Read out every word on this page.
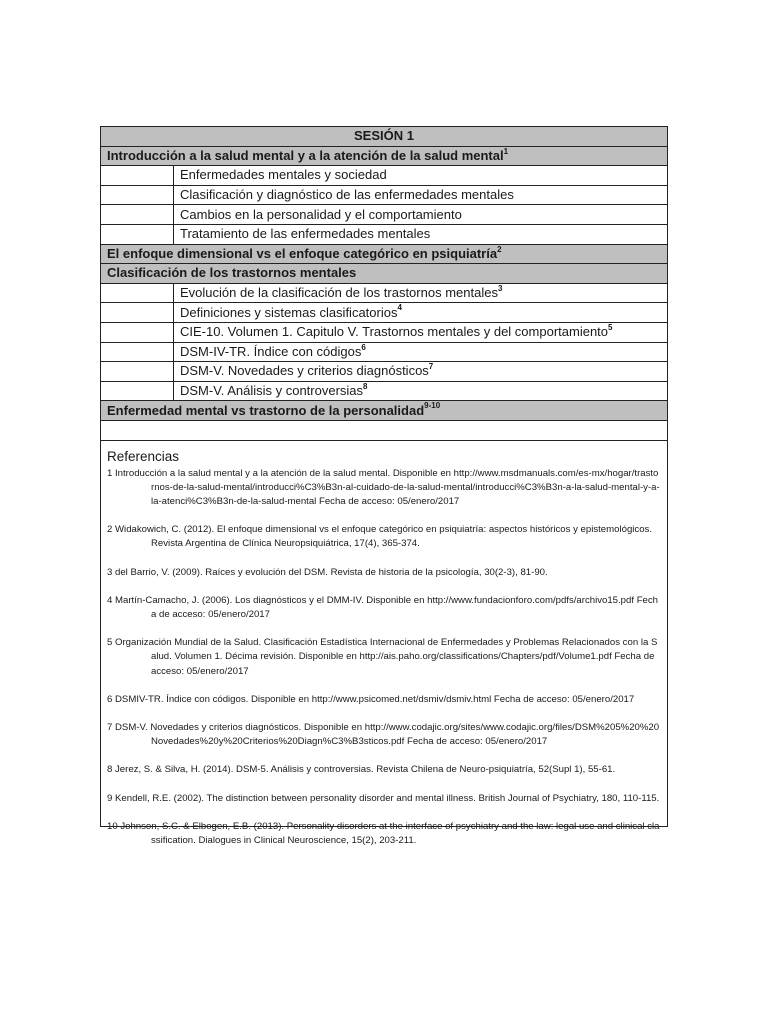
SESIÓN 1	
Introducción a la salud mental y a la atención de la salud mental$^1$
	Enfermedades mentales y sociedad
	Clasificación y diagnóstico de las enfermedades mentales
	Cambios en la personalidad y el comportamiento
	Tratamiento de las enfermedades mentales
El enfoque dimensional vs el enfoque categórico en psiquiatría$^2$
Clasificación de los trastornos mentales	
	Evolución de la clasificación de los trastornos mentales$^3$
	Definiciones y sistemas clasificatorios$^4$
	CIE-10. Volumen 1. Capitulo V. Trastornos mentales y del comportamiento$^5$
	DSM-IV-TR. Índice con códigos$^6$
	DSM-V. Novedades y criterios diagnósticos$^7$
	DSM-V. Análisis y controversias$^8$
Enfermedad mental vs trastorno de la personalidad$^{9-10}$

Referencias
1 Introducción a la salud mental y a la atención de la salud mental. Disponible en http://www.msdmanuals.com/es-mx/hogar/trastornos-de-la-salud-mental/introducci%C3%B3n-al-cuidado-de-la-salud-mental/introducci%C3%B3n-a-la-salud-mental-y-a-la-atenci%C3%B3n-de-la-salud-mental Fecha de acceso: 05/enero/2017
2 Widakowich, C. (2012). El enfoque dimensional vs el enfoque categórico en psiquiatría: aspectos históricos y epistemológicos. Revista Argentina de Clínica Neuropsiquiátrica, 17(4), 365-374.
3 del Barrio, V. (2009). Raíces y evolución del DSM. Revista de historia de la psicología, 30(2-3), 81-90.
4 Martín-Camacho, J. (2006). Los diagnósticos y el DMM-IV. Disponible en http://www.fundacionforo.com/pdfs/archivo15.pdf Fecha de acceso: 05/enero/2017
5 Organización Mundial de la Salud. Clasificación Estadística Internacional de Enfermedades y Problemas Relacionados con la Salud. Volumen 1. Décima revisión. Disponible en http://ais.paho.org/classifications/Chapters/pdf/Volume1.pdf Fecha de acceso: 05/enero/2017
6 DSMIV-TR. Índice con códigos. Disponible en http://www.psicomed.net/dsmiv/dsmiv.html Fecha de acceso: 05/enero/2017
7 DSM-V. Novedades y criterios diagnósticos. Disponible en http://www.codajic.org/sites/www.codajic.org/files/DSM%205%20%20Novedades%20y%20Criterios%20Diagn%C3%B3sticos.pdf Fecha de acceso: 05/enero/2017
8 Jerez, S. & Silva, H. (2014). DSM-5. Análisis y controversias. Revista Chilena de Neuro-psiquiatría, 52(Supl 1), 55-61.
9 Kendell, R.E. (2002). The distinction between personality disorder and mental illness. British Journal of Psychiatry, 180, 110-115.
10 Johnson, S.C. & Elbogen, E.B. (2013). Personality disorders at the interface of psychiatry and the law: legal use and clinical classification. Dialogues in Clinical Neuroscience, 15(2), 203-211.
